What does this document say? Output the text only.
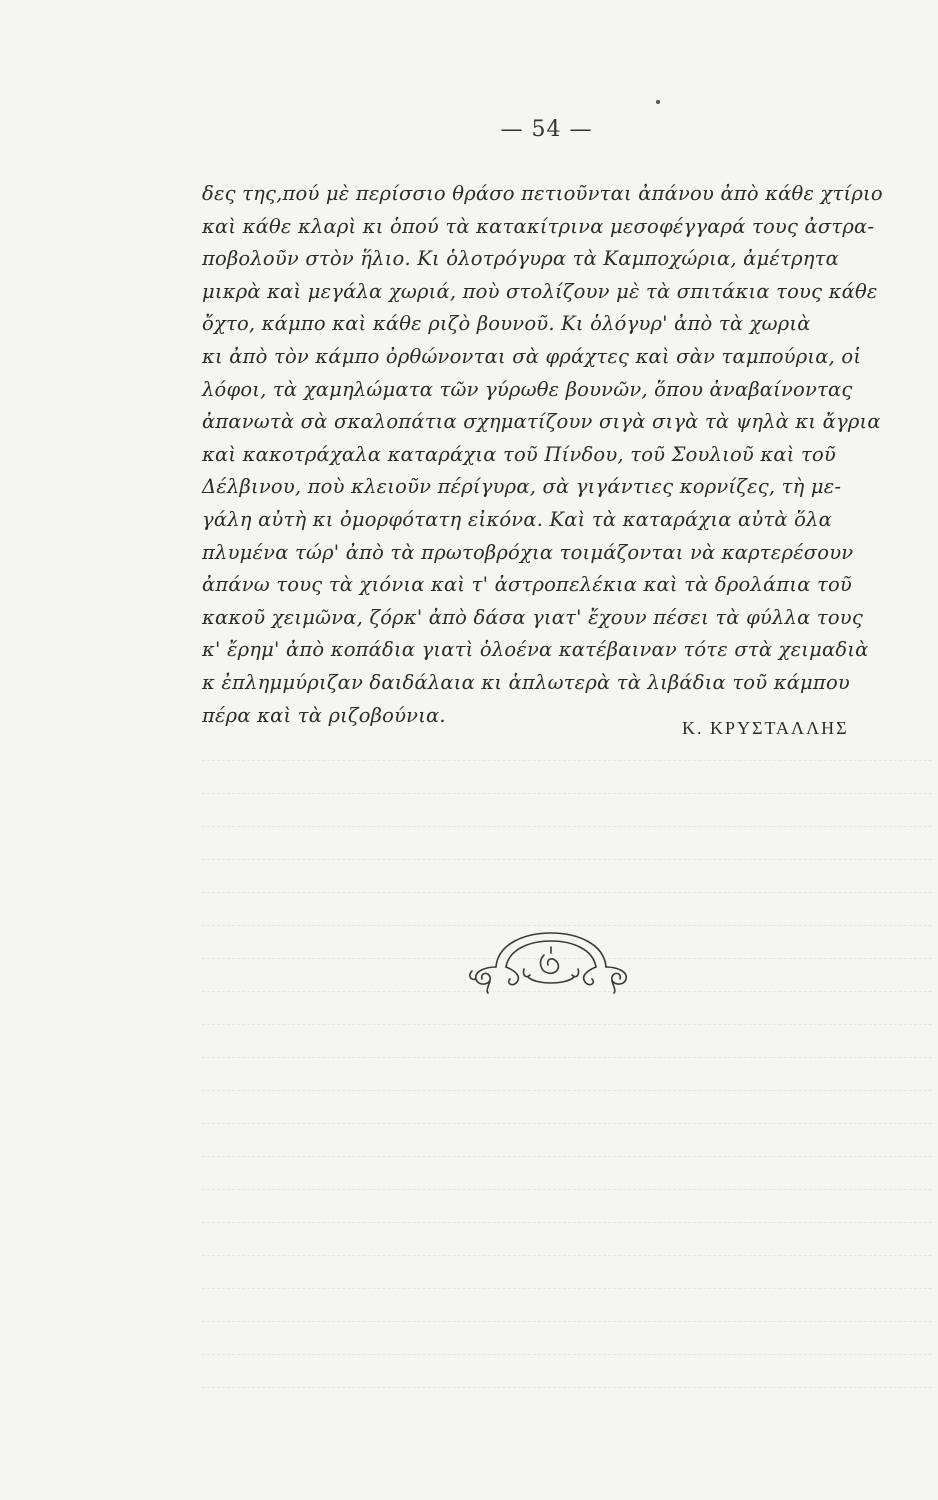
— 54 —
δες της,πού μὲ περίσσιο θράσο πετιοῦνται ἀπάνου ἀπὸ κάθε χτίριο
καὶ κάθε κλαρὶ κι ὁπού τὰ κατακίτρινα μεσοφέγγαρά τους ἀστρα-
ποβολοῦν στὸν ἥλιο. Κι ὁλοτρόγυρα τὰ Καμποχώρια, ἀμέτρητα
μικρὰ καὶ μεγάλα χωριά, ποὺ στολίζουν μὲ τὰ σπιτάκια τους κάθε
ὄχτο, κάμπο καὶ κάθε ριζὸ βουνοῦ. Κι ὁλόγυρ' ἀπὸ τὰ χωριὰ
κι ἀπὸ τὸν κάμπο ὀρθώνονται σὰ φράχτες καὶ σὰν ταμπούρια, οἱ
λόφοι, τὰ χαμηλώματα τῶν γύρωθε βουνῶν, ὅπου ἀναβαίνοντας
ἀπανωτὰ σὰ σκαλοπάτια σχηματίζουν σιγὰ σιγὰ τὰ ψηλὰ κι ἄγρια
καὶ κακοτράχαλα καταράχια τοῦ Πίνδου, τοῦ Σουλιοῦ καὶ τοῦ
Δέλβινου, ποὺ κλειοῦν πέρίγυρα, σὰ γιγάντιες κορνίζες, τὴ με-
γάλη αὐτὴ κι ὀμορφότατη εἰκόνα. Καὶ τὰ καταράχια αὐτὰ ὅλα
πλυμένα τώρ' ἀπὸ τὰ πρωτοβρόχια τοιμάζονται νὰ καρτερέσουν
ἀπάνω τους τὰ χιόνια καὶ τ' ἀστροπελέκια καὶ τὰ δρολάπια τοῦ
κακοῦ χειμῶνα, ζόρκ' ἀπὸ δάσα γιατ' ἔχουν πέσει τὰ φύλλα τους
κ' ἔρημ' ἀπὸ κοπάδια γιατὶ ὁλοένα κατέβαιναν τότε στὰ χειμαδιὰ
κ ἐπλημμύριζαν δαιδάλαια κι ἁπλωτερὰ τὰ λιβάδια τοῦ κάμπου
πέρα καὶ τὰ ριζοβούνια.
Κ. ΚΡΥΣΤΑΛΛΗΣ
